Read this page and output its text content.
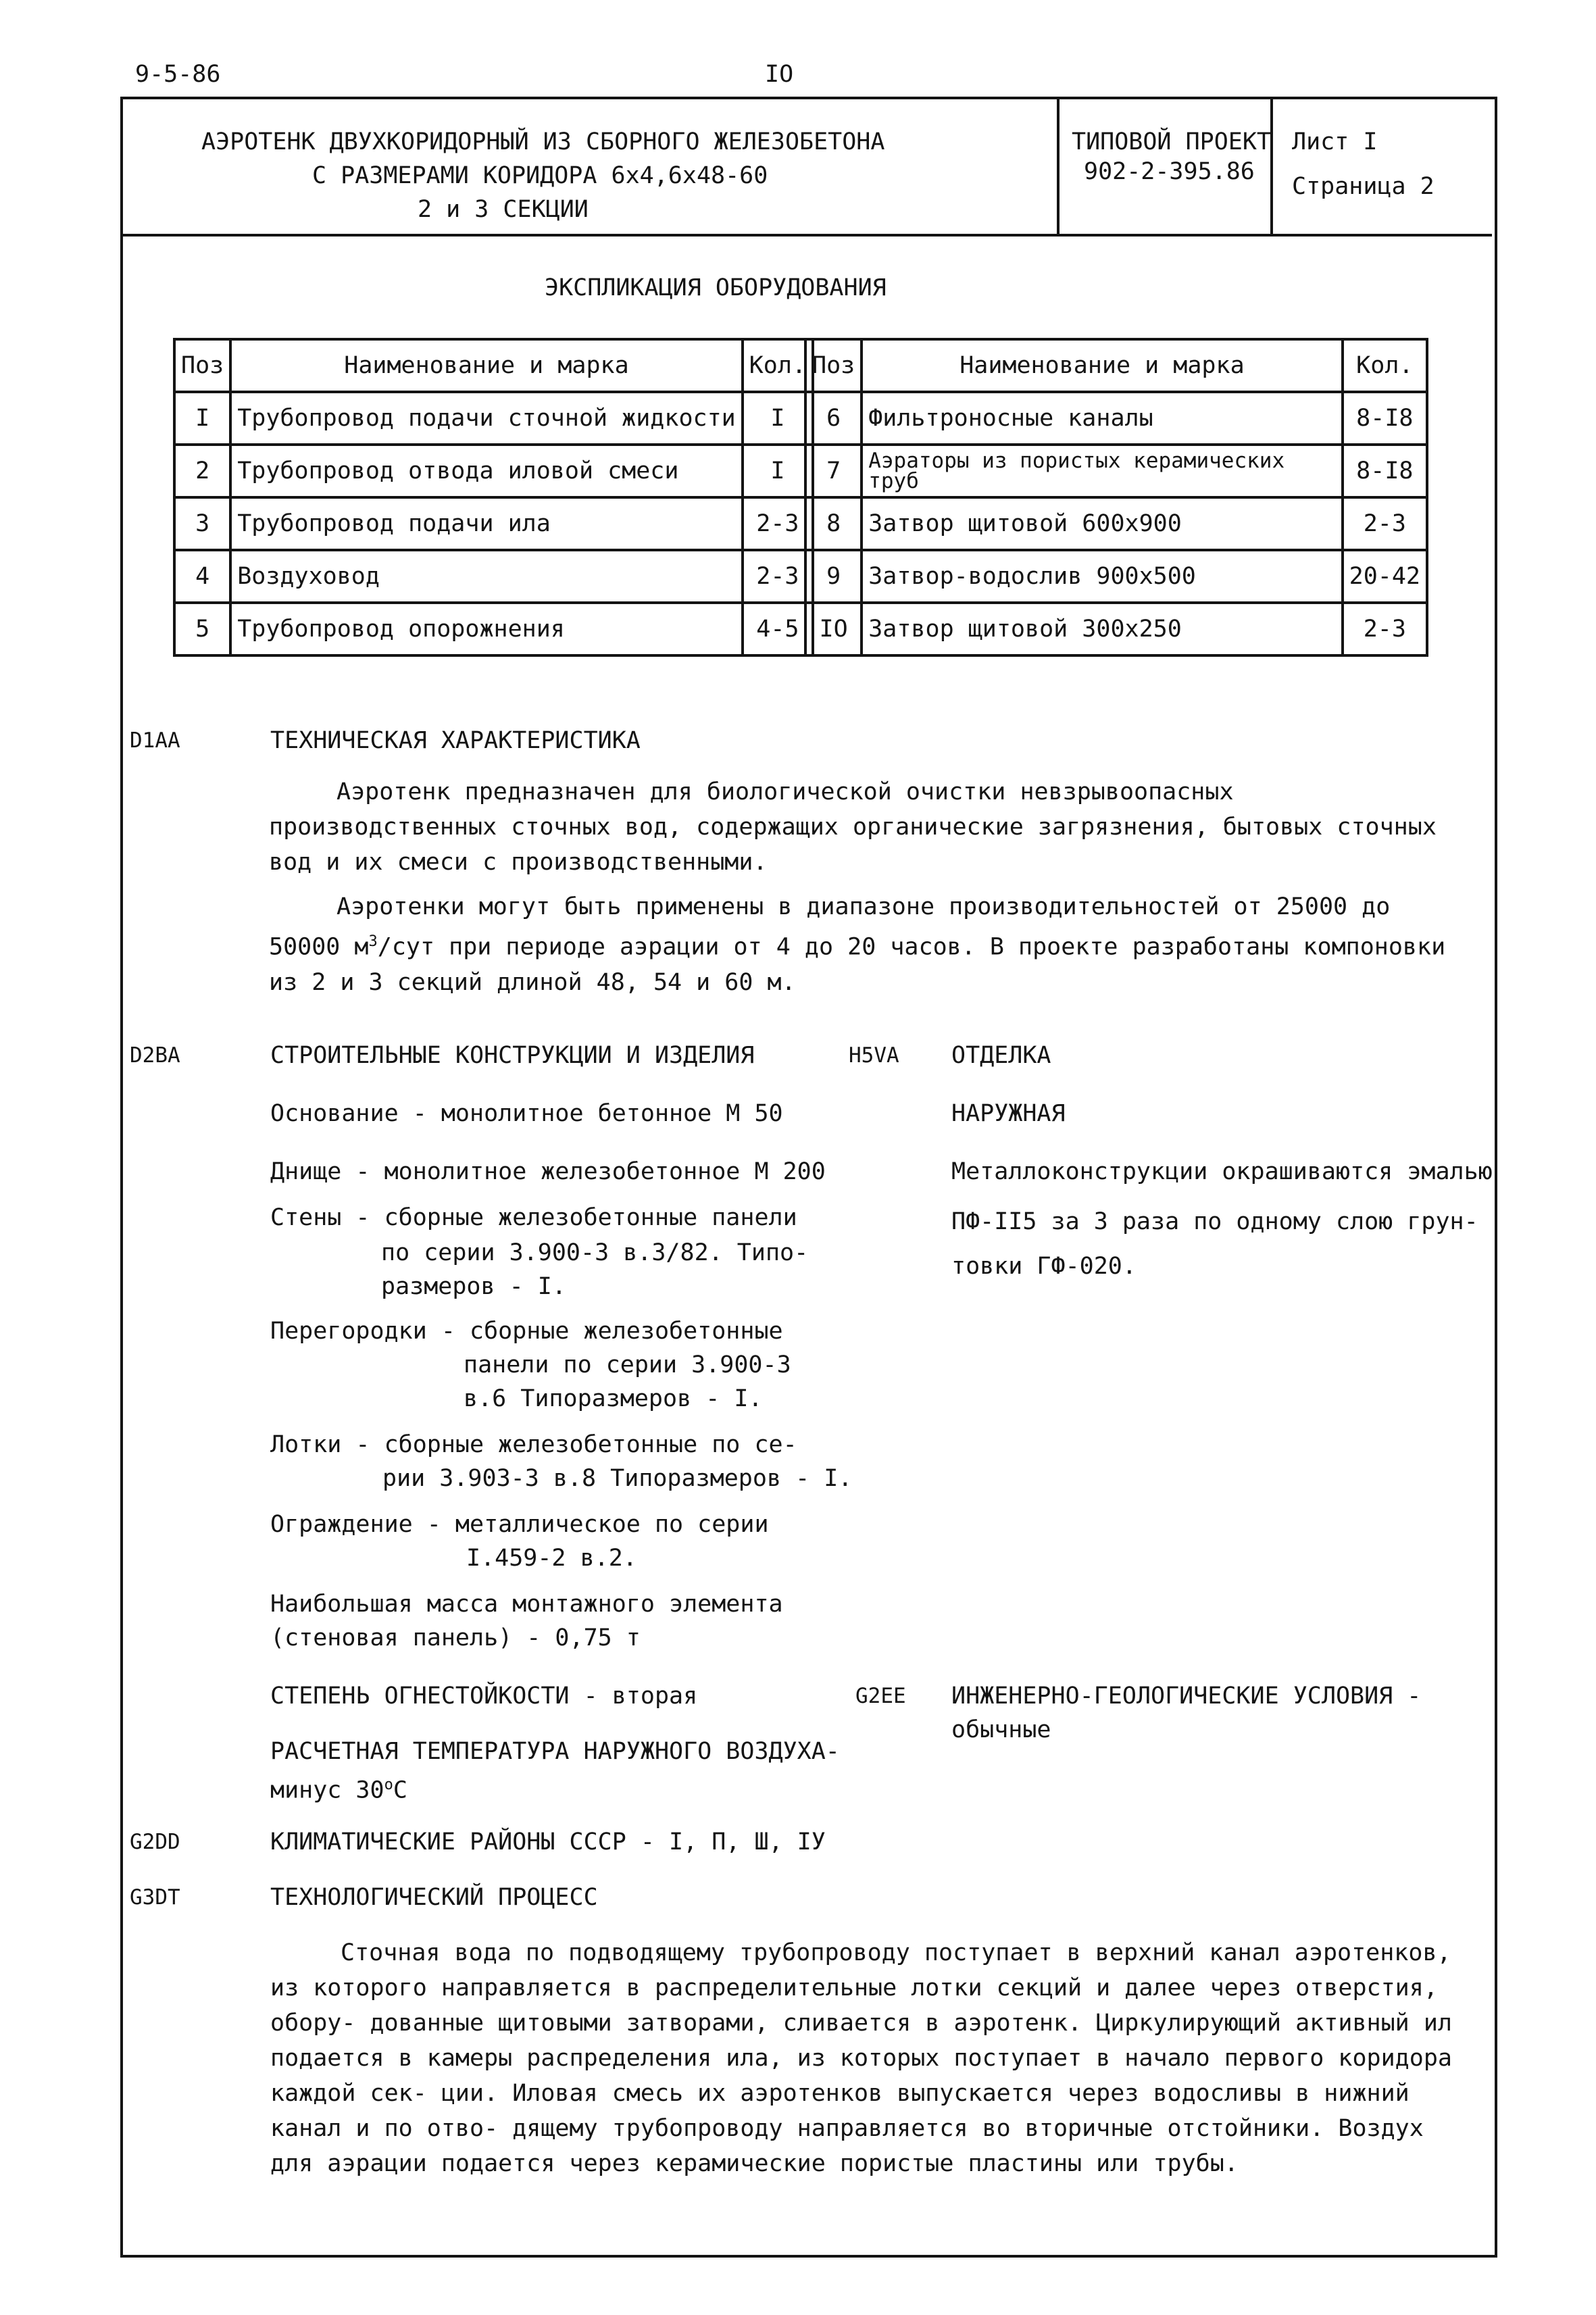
9-5-86	IO
АЭРОТЕНК ДВУХКОРИДОРНЫЙ ИЗ СБОРНОГО ЖЕЛЕЗОБЕТОНА
С РАЗМЕРАМИ КОРИДОРА 6х4,6х48-60
2 и 3 СЕКЦИИ
ТИПОВОЙ ПРОЕКТ
902-2-395.86
Лист I
Страница 2
ЭКСПЛИКАЦИЯ ОБОРУДОВАНИЯ
Поз	Наименование и марка	Кол.
I	Трубопровод подачи сточной жидкости	I
2	Трубопровод отвода иловой смеси	I
3	Трубопровод подачи ила	2-3
4	Воздуховод	2-3
5	Трубопровод опорожнения	4-5
Поз	Наименование и марка	Кол.
6	Фильтроносные каналы	8-I8
7	Аэраторы из пористых керамических труб	8-I8
8	Затвор щитовой 600х900	2-3
9	Затвор-водослив 900х500	20-42
IO	Затвор щитовой 300х250	2-3
D1AA	ТЕХНИЧЕСКАЯ ХАРАКТЕРИСТИКА
Аэротенк предназначен для биологической очистки невзрывоопасных производственных сточных вод, содержащих органические загрязнения, бытовых сточных вод и их смеси с производственными.
Аэротенки могут быть применены в диапазоне производительностей от 25000 до 50000 $м^3$/сут при периоде аэрации от 4 до 20 часов. В проекте разработаны компоновки из 2 и 3 секций длиной 48, 54 и 60 м.
D2BA	СТРОИТЕЛЬНЫЕ КОНСТРУКЦИИ И ИЗДЕЛИЯ
Основание - монолитное бетонное М 50
Днище - монолитное железобетонное М 200
Стены - сборные железобетонные панели
по серии 3.900-3 в.3/82. Типо-
размеров - I.
Перегородки - сборные железобетонные
панели по серии 3.900-3
в.6 Типоразмеров - I.
Лотки - сборные железобетонные по се-
рии 3.903-3 в.8 Типоразмеров - I.
Ограждение - металлическое по серии
I.459-2 в.2.
Наибольшая масса монтажного элемента
(стеновая панель) - 0,75 т
СТЕПЕНЬ ОГНЕСТОЙКОСТИ - вторая
РАСЧЕТНАЯ ТЕМПЕРАТУРА НАРУЖНОГО ВОЗДУХА-
минус $30^оС$
H5VA ОТДЕЛКА
НАРУЖНАЯ
Металлоконструкции окрашиваются эмалью
ПФ-II5 за 3 раза по одному слою грун-
товки ГФ-020.
G2EE ИНЖЕНЕРНО-ГЕОЛОГИЧЕСКИЕ УСЛОВИЯ -
обычные
G2DD	КЛИМАТИЧЕСКИЕ РАЙОНЫ СССР - I, П, Ш, IУ
G3DT	ТЕХНОЛОГИЧЕСКИЙ ПРОЦЕСС
Сточная вода по подводящему трубопроводу поступает в верхний канал аэротенков, из которого направляется в распределительные лотки секций и далее через отверстия, обору- дованные щитовыми затворами, сливается в аэротенк. Циркулирующий активный ил подается в камеры распределения ила, из которых поступает в начало первого коридора каждой сек- ции. Иловая смесь их аэротенков выпускается через водосливы в нижний канал и по отво- дящему трубопроводу направляется во вторичные отстойники. Воздух для аэрации подается через керамические пористые пластины или трубы.
